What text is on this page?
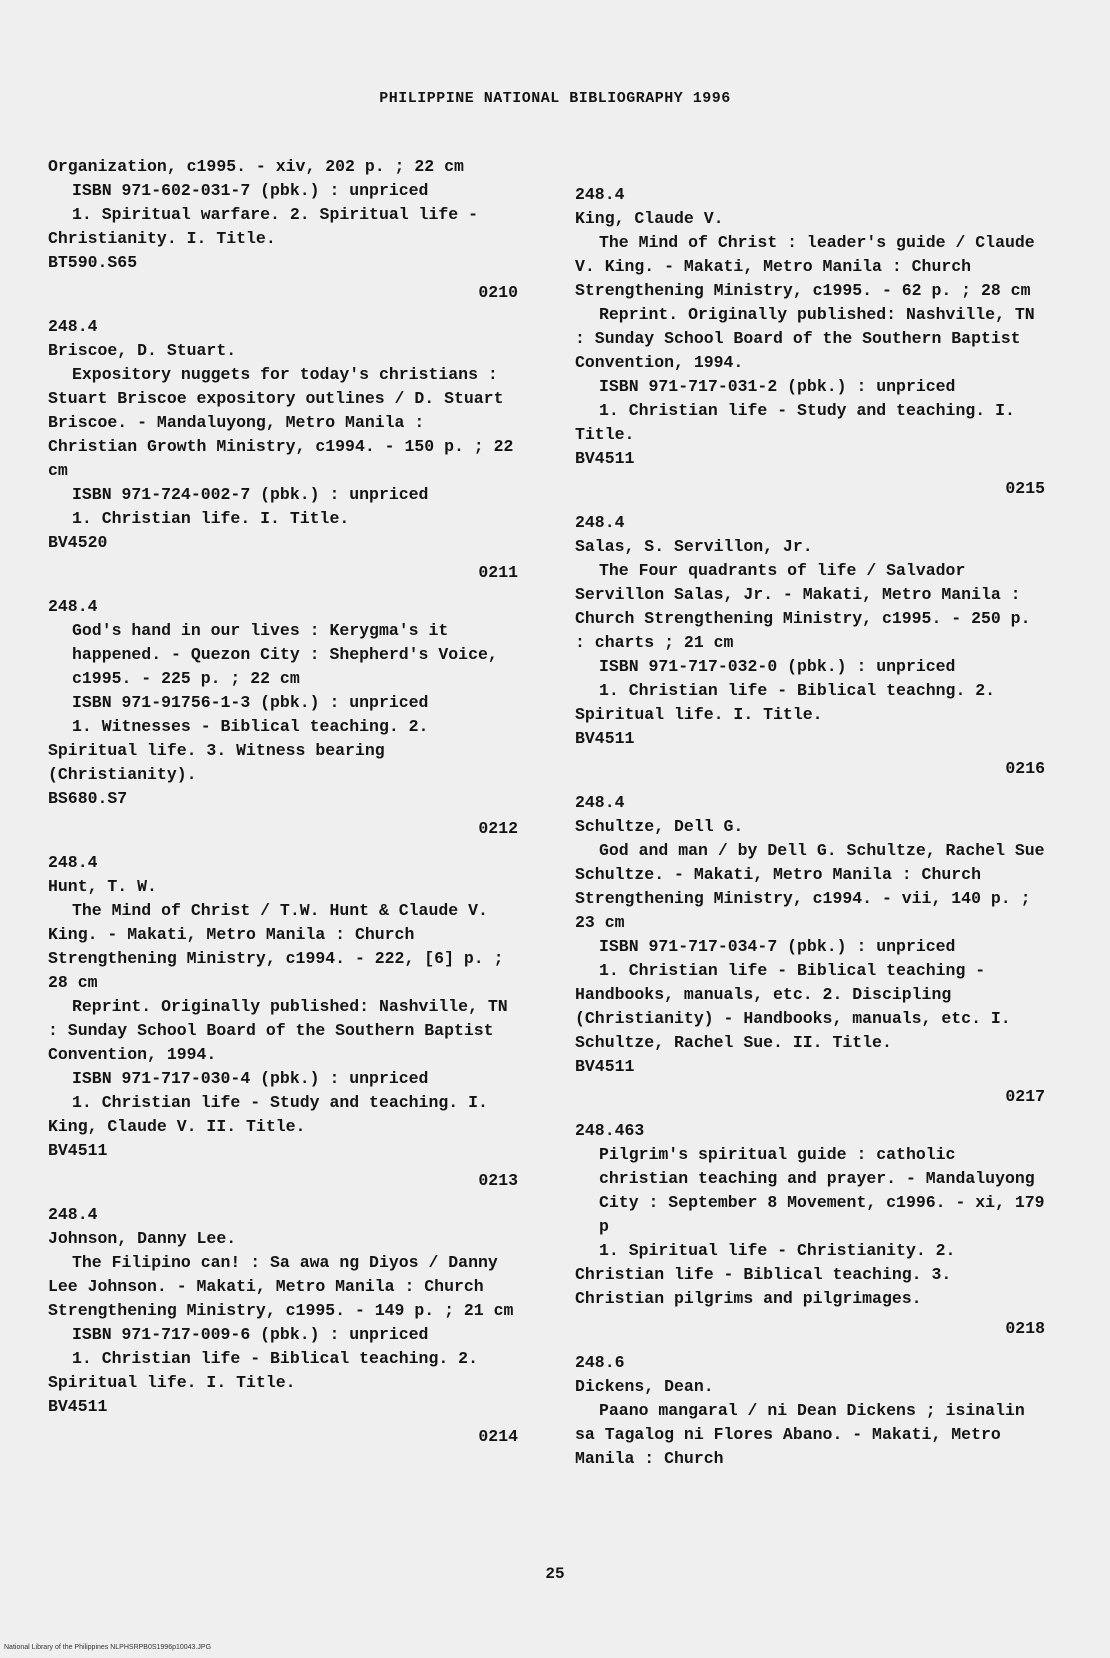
PHILIPPINE NATIONAL BIBLIOGRAPHY 1996

Organization, c1995. - xiv, 202 p. ; 22 cm

ISBN 971-602-031-7 (pbk.) : unpriced

1. Spiritual warfare. 2. Spiritual life - Christianity. I. Title.

BT590.S65

0210

248.4

Briscoe, D. Stuart.

Expository nuggets for today's christians : Stuart Briscoe expository outlines / D. Stuart Briscoe. - Mandaluyong, Metro Manila : Christian Growth Ministry, c1994. - 150 p. ; 22 cm

ISBN 971-724-002-7 (pbk.) : unpriced

1. Christian life. I. Title.

BV4520

0211

248.4

God's hand in our lives : Kerygma's it happened. - Quezon City : Shepherd's Voice, c1995. - 225 p. ; 22 cm

ISBN 971-91756-1-3 (pbk.) : unpriced

1. Witnesses - Biblical teaching. 2. Spiritual life. 3. Witness bearing (Christianity).

BS680.S7

0212

248.4

Hunt, T. W.

The Mind of Christ / T.W. Hunt & Claude V. King. - Makati, Metro Manila : Church Strengthening Ministry, c1994. - 222, [6] p. ; 28 cm

Reprint. Originally published: Nashville, TN : Sunday School Board of the Southern Baptist Convention, 1994.

ISBN 971-717-030-4 (pbk.) : unpriced

1. Christian life - Study and teaching. I. King, Claude V. II. Title.

BV4511

0213

248.4

Johnson, Danny Lee.

The Filipino can! : Sa awa ng Diyos / Danny Lee Johnson. - Makati, Metro Manila : Church Strengthening Ministry, c1995. - 149 p. ; 21 cm

ISBN 971-717-009-6 (pbk.) : unpriced

1. Christian life - Biblical teaching. 2. Spiritual life. I. Title.

BV4511

0214

248.4

King, Claude V.

The Mind of Christ : leader's guide / Claude V. King. - Makati, Metro Manila : Church Strengthening Ministry, c1995. - 62 p. ; 28 cm

Reprint. Originally published: Nashville, TN : Sunday School Board of the Southern Baptist Convention, 1994.

ISBN 971-717-031-2 (pbk.) : unpriced

1. Christian life - Study and teaching. I. Title.

BV4511

0215

248.4

Salas, S. Servillon, Jr.

The Four quadrants of life / Salvador Servillon Salas, Jr. - Makati, Metro Manila : Church Strengthening Ministry, c1995. - 250 p. : charts ; 21 cm

ISBN 971-717-032-0 (pbk.) : unpriced

1. Christian life - Biblical teachng. 2. Spiritual life. I. Title.

BV4511

0216

248.4

Schultze, Dell G.

God and man / by Dell G. Schultze, Rachel Sue Schultze. - Makati, Metro Manila : Church Strengthening Ministry, c1994. - vii, 140 p. ; 23 cm

ISBN 971-717-034-7 (pbk.) : unpriced

1. Christian life - Biblical teaching - Handbooks, manuals, etc. 2. Discipling (Christianity) - Handbooks, manuals, etc. I. Schultze, Rachel Sue. II. Title.

BV4511

0217

248.463

Pilgrim's spiritual guide : catholic christian teaching and prayer. - Mandaluyong City : September 8 Movement, c1996. - xi, 179 p

1. Spiritual life - Christianity. 2. Christian life - Biblical teaching. 3. Christian pilgrims and pilgrimages.

0218

248.6

Dickens, Dean.

Paano mangaral / ni Dean Dickens ; isinalin sa Tagalog ni Flores Abano. - Makati, Metro Manila : Church

25
National Library of the Philippines NLPHSRPB0S1996p10043.JPG
